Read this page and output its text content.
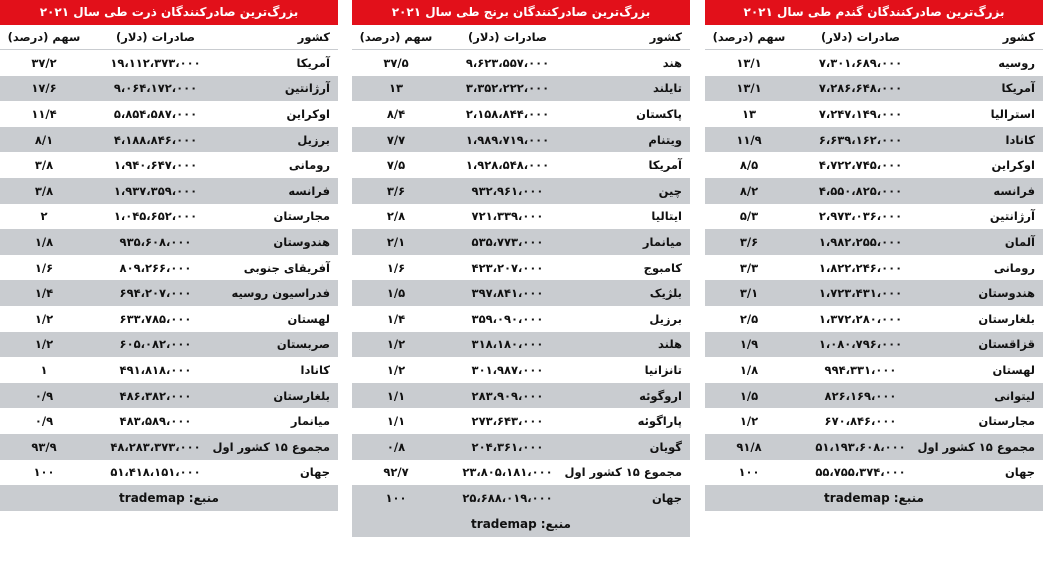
بزرگ‌ترین صادرکنندگان گندم طی سال ۲۰۲۱
کشور
صادرات (دلار)
سهم (درصد)
روسیه
۷،۳۰۱،۶۸۹،۰۰۰
۱۳/۱
آمریکا
۷،۲۸۶،۶۴۸،۰۰۰
۱۳/۱
استرالیا
۷،۲۴۷،۱۴۹،۰۰۰
۱۳
کانادا
۶،۶۳۹،۱۶۲،۰۰۰
۱۱/۹
اوکراین
۴،۷۲۲،۷۴۵،۰۰۰
۸/۵
فرانسه
۴،۵۵۰،۸۲۵،۰۰۰
۸/۲
آرژانتین
۲،۹۷۳،۰۳۶،۰۰۰
۵/۳
آلمان
۱،۹۸۲،۲۵۵،۰۰۰
۳/۶
رومانی
۱،۸۲۲،۲۴۶،۰۰۰
۳/۳
هندوستان
۱،۷۲۳،۴۳۱،۰۰۰
۳/۱
بلغارستان
۱،۳۷۲،۲۸۰،۰۰۰
۲/۵
قزاقستان
۱،۰۸۰،۷۹۶،۰۰۰
۱/۹
لهستان
۹۹۴،۳۳۱،۰۰۰
۱/۸
لیتوانی
۸۲۶،۱۶۹،۰۰۰
۱/۵
مجارستان
۶۷۰،۸۴۶،۰۰۰
۱/۲
مجموع ۱۵ کشور اول
۵۱،۱۹۳،۶۰۸،۰۰۰
۹۱/۸
جهان
۵۵،۷۵۵،۳۷۴،۰۰۰
۱۰۰
منبع:trademap
بزرگ‌ترین صادرکنندگان برنج طی سال ۲۰۲۱
کشور
صادرات (دلار)
سهم (درصد)
هند
۹،۶۲۳،۵۵۷،۰۰۰
۳۷/۵
تایلند
۳،۳۵۲،۲۲۲،۰۰۰
۱۳
پاکستان
۲،۱۵۸،۸۴۴،۰۰۰
۸/۴
ویتنام
۱،۹۸۹،۷۱۹،۰۰۰
۷/۷
آمریکا
۱،۹۲۸،۵۴۸،۰۰۰
۷/۵
چین
۹۳۲،۹۶۱،۰۰۰
۳/۶
ایتالیا
۷۲۱،۳۳۹،۰۰۰
۲/۸
میانمار
۵۳۵،۷۷۳،۰۰۰
۲/۱
کامبوج
۴۲۳،۲۰۷،۰۰۰
۱/۶
بلژیک
۳۹۷،۸۴۱،۰۰۰
۱/۵
برزیل
۳۵۹،۰۹۰،۰۰۰
۱/۴
هلند
۳۱۸،۱۸۰،۰۰۰
۱/۲
تانزانیا
۳۰۱،۹۸۷،۰۰۰
۱/۲
اروگوئه
۲۸۳،۹۰۹،۰۰۰
۱/۱
پاراگوئه
۲۷۳،۶۴۳،۰۰۰
۱/۱
گویان
۲۰۴،۳۶۱،۰۰۰
۰/۸
مجموع ۱۵ کشور اول
۲۳،۸۰۵،۱۸۱،۰۰۰
۹۲/۷
جهان
۲۵،۶۸۸،۰۱۹،۰۰۰
۱۰۰
منبع:trademap
بزرگ‌ترین صادرکنندگان ذرت طی سال ۲۰۲۱
کشور
صادرات (دلار)
سهم (درصد)
آمریکا
۱۹،۱۱۲،۳۷۳،۰۰۰
۳۷/۲
آرژانتین
۹،۰۶۴،۱۷۲،۰۰۰
۱۷/۶
اوکراین
۵،۸۵۴،۵۸۷،۰۰۰
۱۱/۴
برزیل
۴،۱۸۸،۸۴۶،۰۰۰
۸/۱
رومانی
۱،۹۴۰،۶۴۷،۰۰۰
۳/۸
فرانسه
۱،۹۳۷،۳۵۹،۰۰۰
۳/۸
مجارستان
۱،۰۴۵،۶۵۲،۰۰۰
۲
هندوستان
۹۳۵،۶۰۸،۰۰۰
۱/۸
آفریقای جنوبی
۸۰۹،۲۶۶،۰۰۰
۱/۶
فدراسیون روسیه
۶۹۴،۲۰۷،۰۰۰
۱/۴
لهستان
۶۳۳،۷۸۵،۰۰۰
۱/۲
صربستان
۶۰۵،۰۸۲،۰۰۰
۱/۲
کانادا
۴۹۱،۸۱۸،۰۰۰
۱
بلغارستان
۴۸۶،۳۸۲،۰۰۰
۰/۹
میانمار
۴۸۳،۵۸۹،۰۰۰
۰/۹
مجموع ۱۵ کشور اول
۴۸،۲۸۳،۳۷۳،۰۰۰
۹۳/۹
جهان
۵۱،۴۱۸،۱۵۱،۰۰۰
۱۰۰
منبع:trademap
